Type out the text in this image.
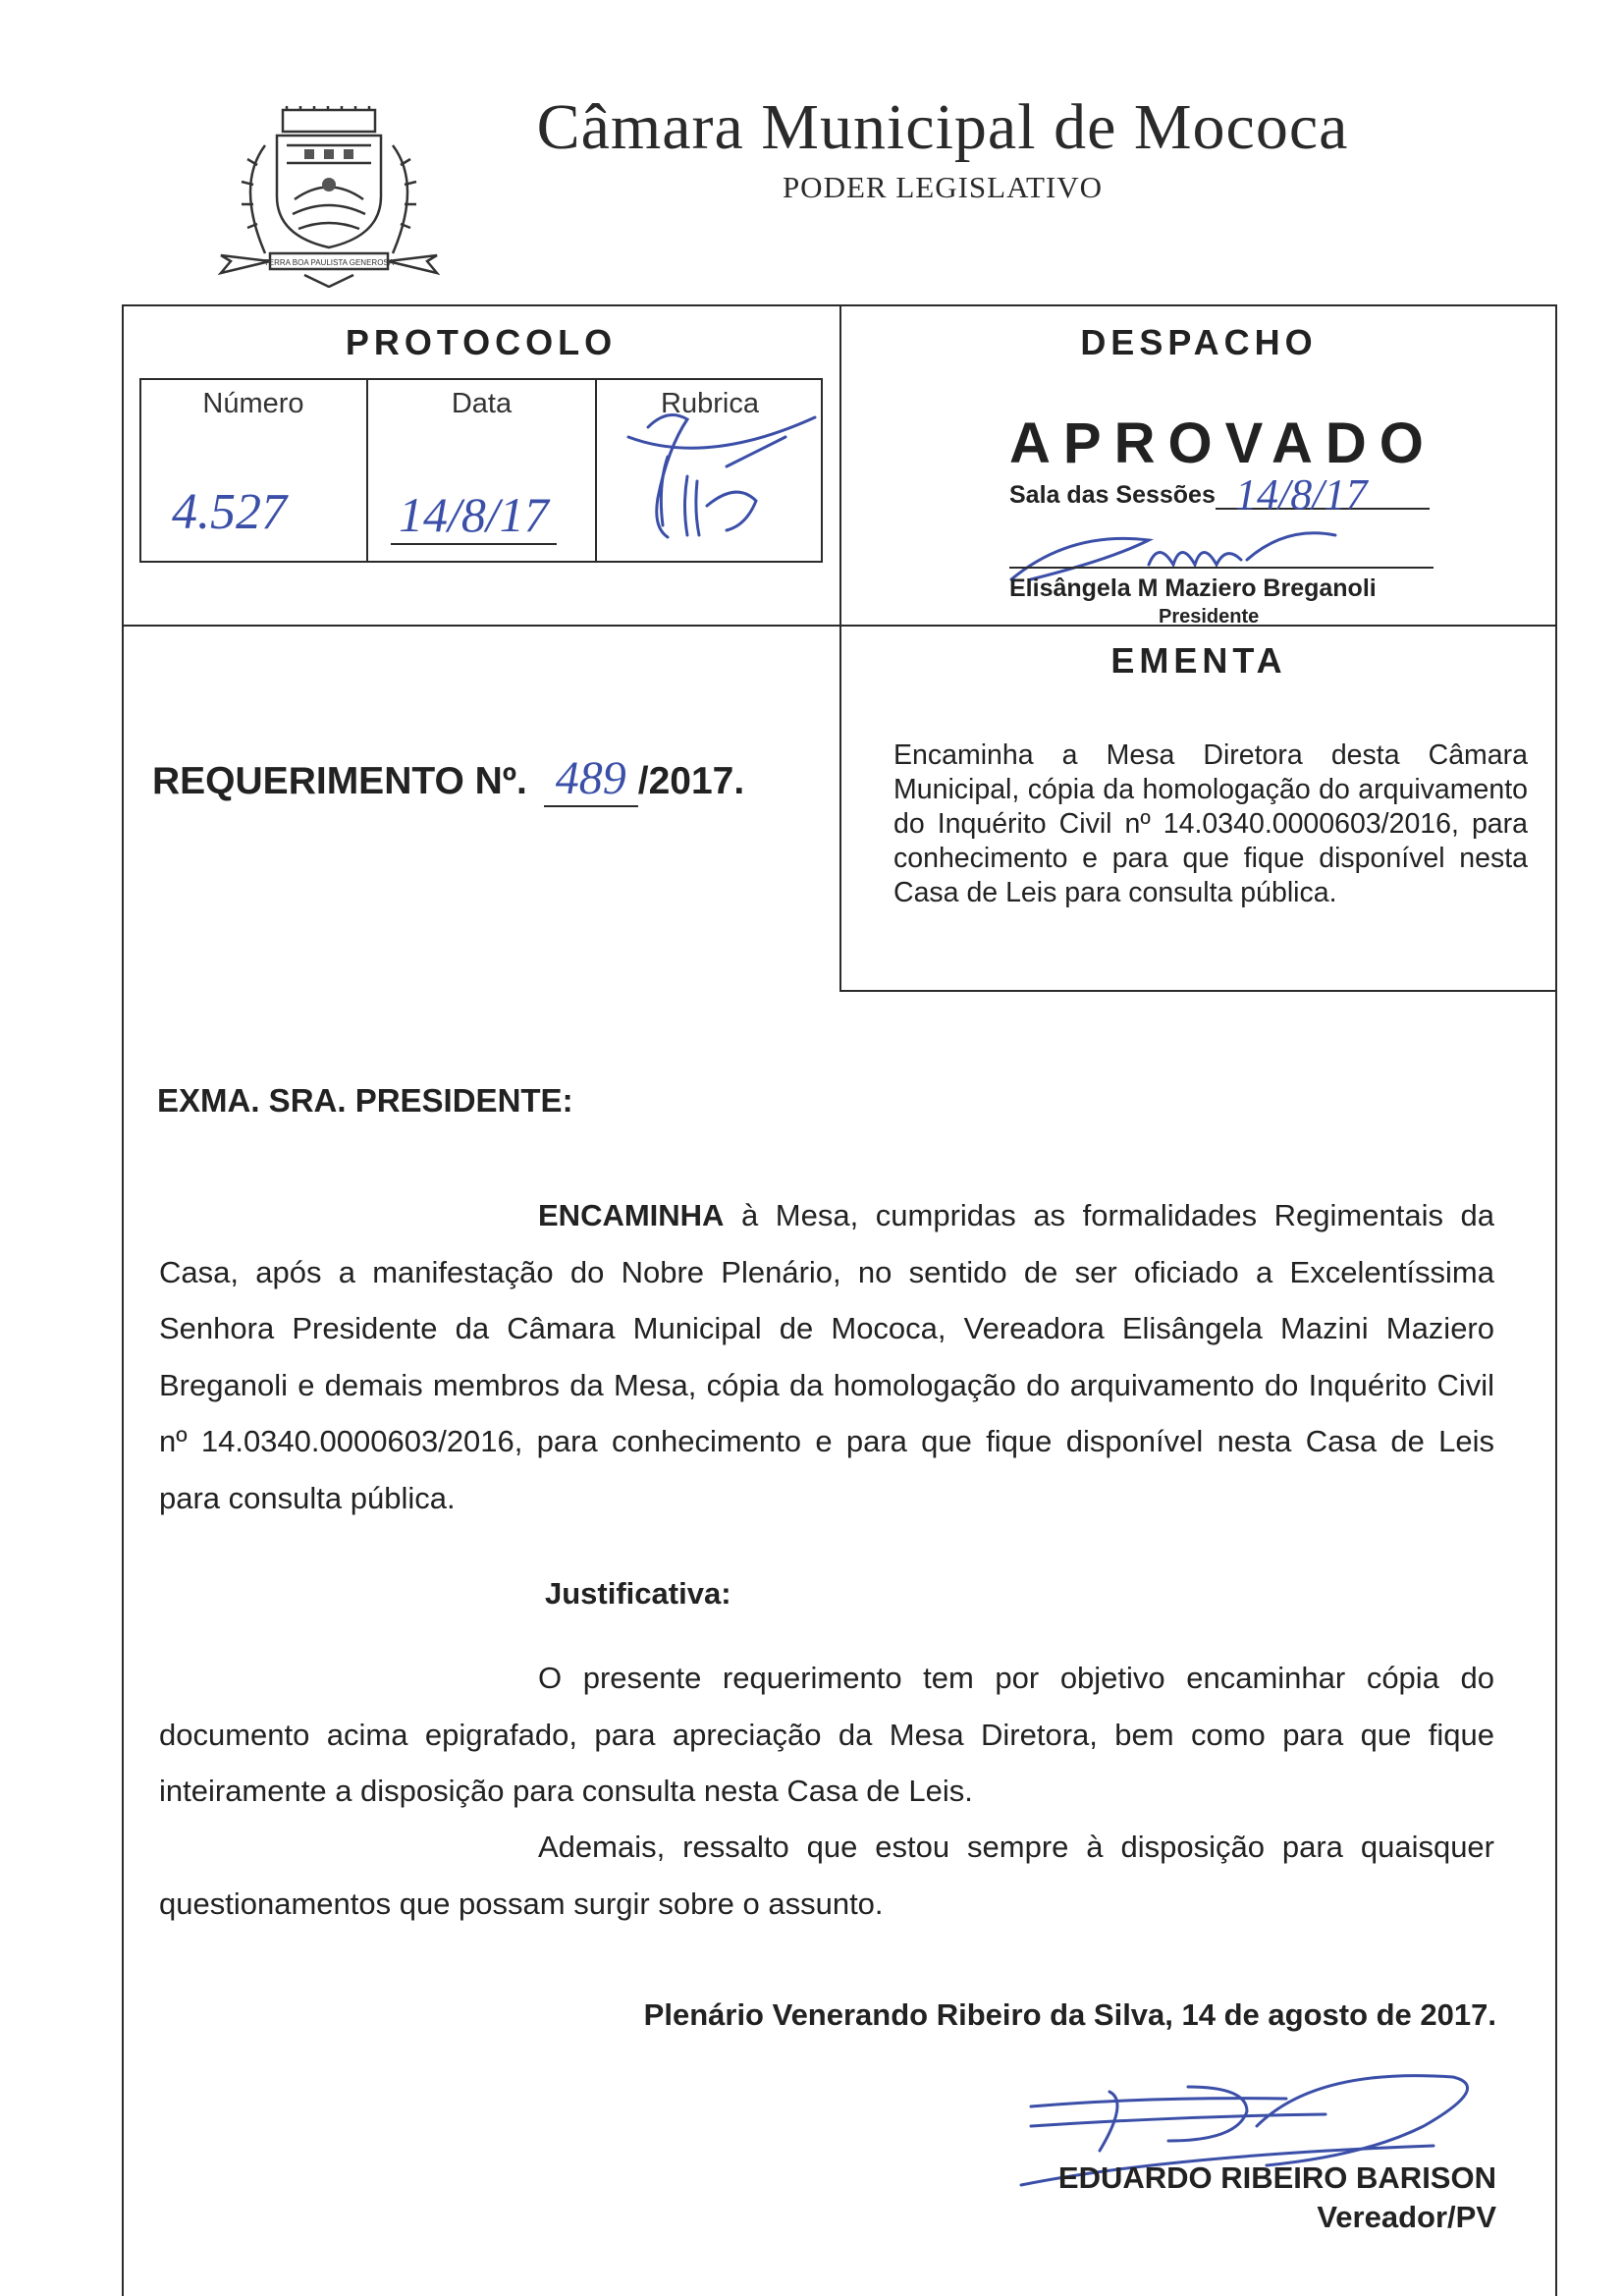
TERRA BOA PAULISTA GENEROSA
Câmara Municipal de Mococa
PODER LEGISLATIVO
PROTOCOLO
Número	Data	Rubrica
4.527 14/8/17
DESPACHO
APROVADO
Sala das Sessões 14/8/17
Elisângela M Maziero Breganoli
Presidente
EMENTA
Encaminha a Mesa Diretora desta Câmara Municipal, cópia da homologação do arquivamento do Inquérito Civil nº 14.0340.0000603/2016, para conhecimento e para que fique disponível nesta Casa de Leis para consulta pública.
REQUERIMENTO Nº. 489 /2017.
EXMA. SRA. PRESIDENTE:
ENCAMINHA à Mesa, cumpridas as formalidades Regimentais da Casa, após a manifestação do Nobre Plenário, no sentido de ser oficiado a Excelentíssima Senhora Presidente da Câmara Municipal de Mococa, Vereadora Elisângela Mazini Maziero Breganoli e demais membros da Mesa, cópia da homologação do arquivamento do Inquérito Civil nº 14.0340.0000603/2016, para conhecimento e para que fique disponível nesta Casa de Leis para consulta pública.
Justificativa:
O presente requerimento tem por objetivo encaminhar cópia do documento acima epigrafado, para apreciação da Mesa Diretora, bem como para que fique inteiramente a disposição para consulta nesta Casa de Leis.
Ademais, ressalto que estou sempre à disposição para quaisquer questionamentos que possam surgir sobre o assunto.
Plenário Venerando Ribeiro da Silva, 14 de agosto de 2017.
EDUARDO RIBEIRO BARISON
Vereador/PV
